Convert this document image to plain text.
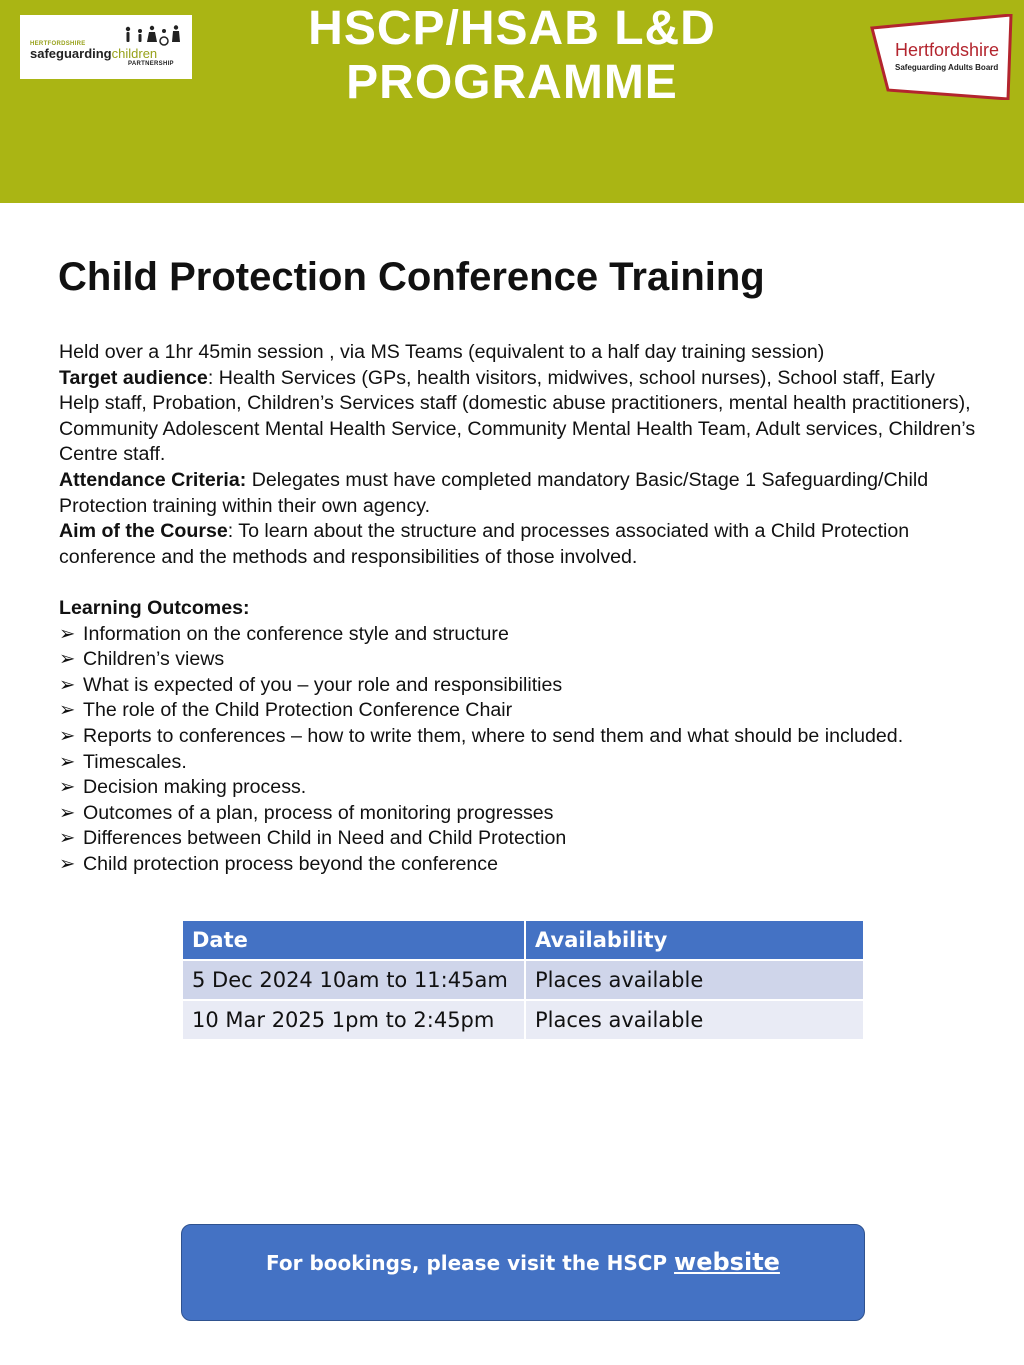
HERTFORDSHIRE
safeguardingchildren
PARTNERSHIP
HSCP/HSAB L&D
PROGRAMME
Hertfordshire
Safeguarding Adults Board
Child Protection Conference Training

Held over a 1hr 45min session , via MS Teams (equivalent to a half day training session)

Target audience: Health Services (GPs, health visitors, midwives, school nurses), School staff, Early Help staff, Probation, Children’s Services staff (domestic abuse practitioners, mental health practitioners), Community Adolescent Mental Health Service, Community Mental Health Team, Adult services, Children’s Centre staff.

Attendance Criteria: Delegates must have completed mandatory Basic/Stage 1 Safeguarding/Child Protection training within their own agency.

Aim of the Course: To learn about the structure and processes associated with a Child Protection conference and the methods and responsibilities of those involved.

Learning Outcomes:

➢ Information on the conference style and structure
➢ Children’s views
➢ What is expected of you – your role and responsibilities
➢ The role of the Child Protection Conference Chair
➢ Reports to conferences – how to write them, where to send them and what should be included.
➢ Timescales.
➢ Decision making process.
➢ Outcomes of a plan, process of monitoring progresses
➢ Differences between Child in Need and Child Protection
➢ Child protection process beyond the conference
Date	Availability
5 Dec 2024 10am to 11:45am	Places available
10 Mar 2025 1pm to 2:45pm	Places available
For bookings, please visit the HSCP website
